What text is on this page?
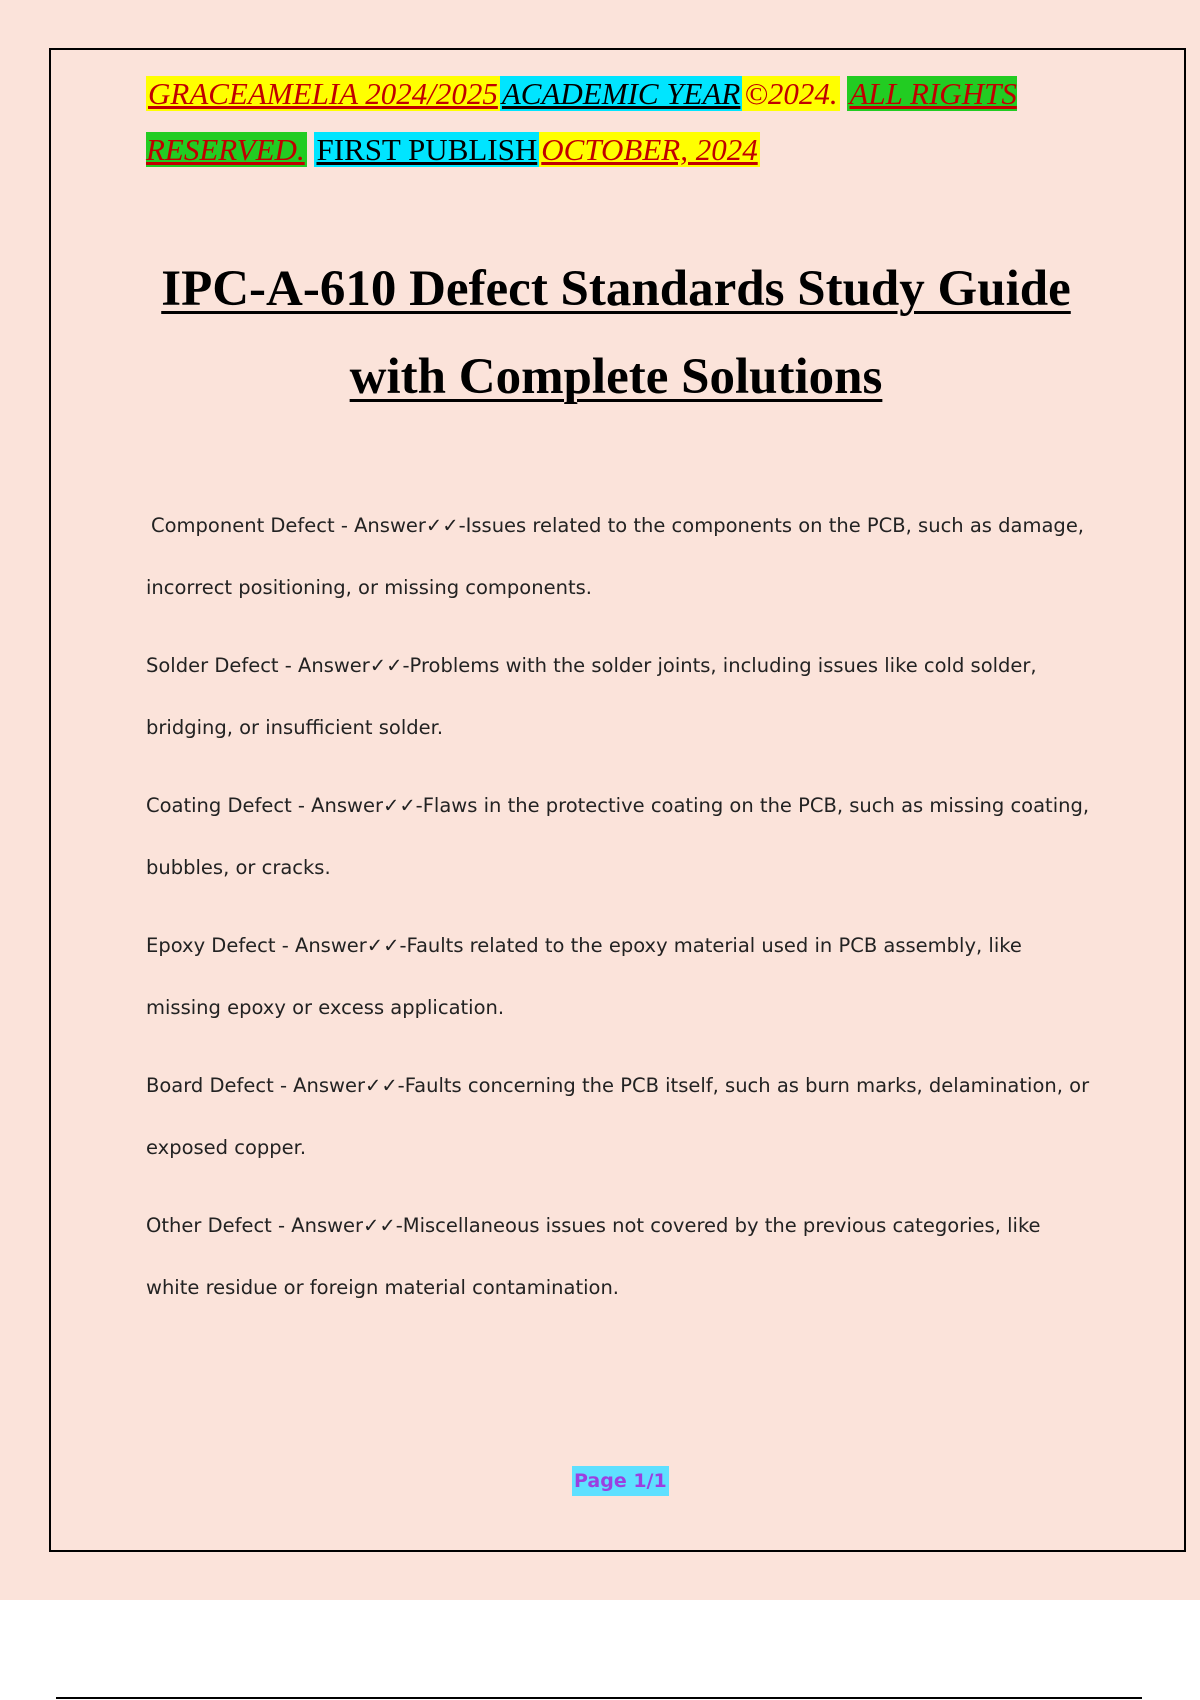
GRACEAMELIA 2024/2025 ACADEMIC YEAR ©2024. ALL RIGHTS RESERVED. FIRST PUBLISH OCTOBER, 2024
IPC-A-610 Defect Standards Study Guide
with Complete Solutions
Component Defect - Answer✓✓-Issues related to the components on the PCB, such as damage, incorrect positioning, or missing components.
Solder Defect - Answer✓✓-Problems with the solder joints, including issues like cold solder, bridging, or insufficient solder.
Coating Defect - Answer✓✓-Flaws in the protective coating on the PCB, such as missing coating, bubbles, or cracks.
Epoxy Defect - Answer✓✓-Faults related to the epoxy material used in PCB assembly, like missing epoxy or excess application.
Board Defect - Answer✓✓-Faults concerning the PCB itself, such as burn marks, delamination, or exposed copper.
Other Defect - Answer✓✓-Miscellaneous issues not covered by the previous categories, like white residue or foreign material contamination.
Page 1/1
